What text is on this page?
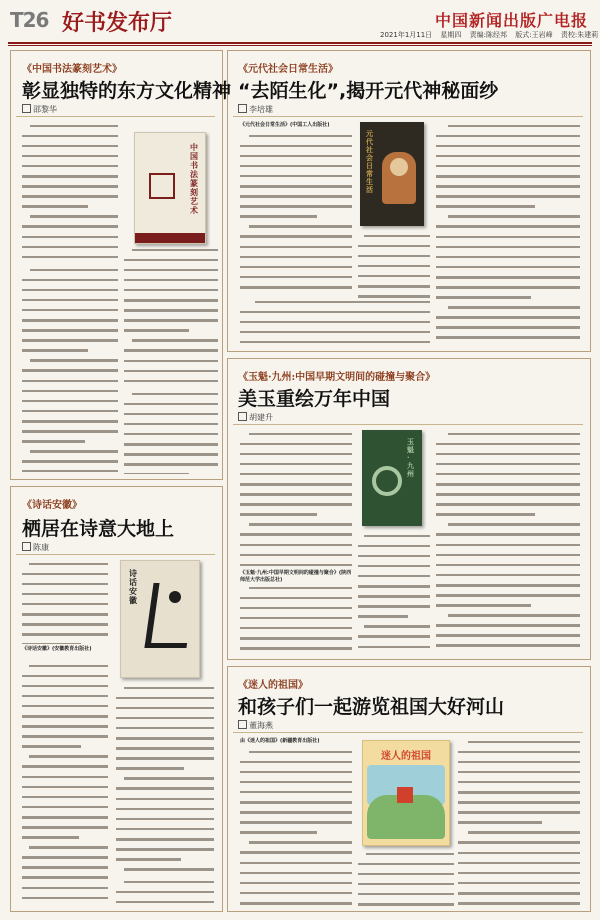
T26 好书发布厅	中国新闻出版广电报
2021年1月11日 星期四 责编:陈经邦 版式:王岩峰 责校:朱建莉
《中国书法篆刻艺术》
彰显独特的东方文化精神
邵黎华
中国书法篆刻艺术
《诗话安徽》
栖居在诗意大地上
陈康
《诗话安徽》(安徽教育出版社)
诗话安徽
《元代社会日常生活》
“去陌生化”,揭开元代神秘面纱
李培雄
《元代社会日常生活》(中国工人出版社)
元代社会日常生活
《玉魁·九州:中国早期文明间的碰撞与聚合》
美玉重绘万年中国
胡建升
《玉魁·九州:中国早期文明间的碰撞与聚合》(陕西师范大学出版总社)
玉魁·九州
《迷人的祖国》
和孩子们一起游览祖国大好河山
董海燕
由《迷人的祖国》(新疆教育出版社)
迷人的祖国
